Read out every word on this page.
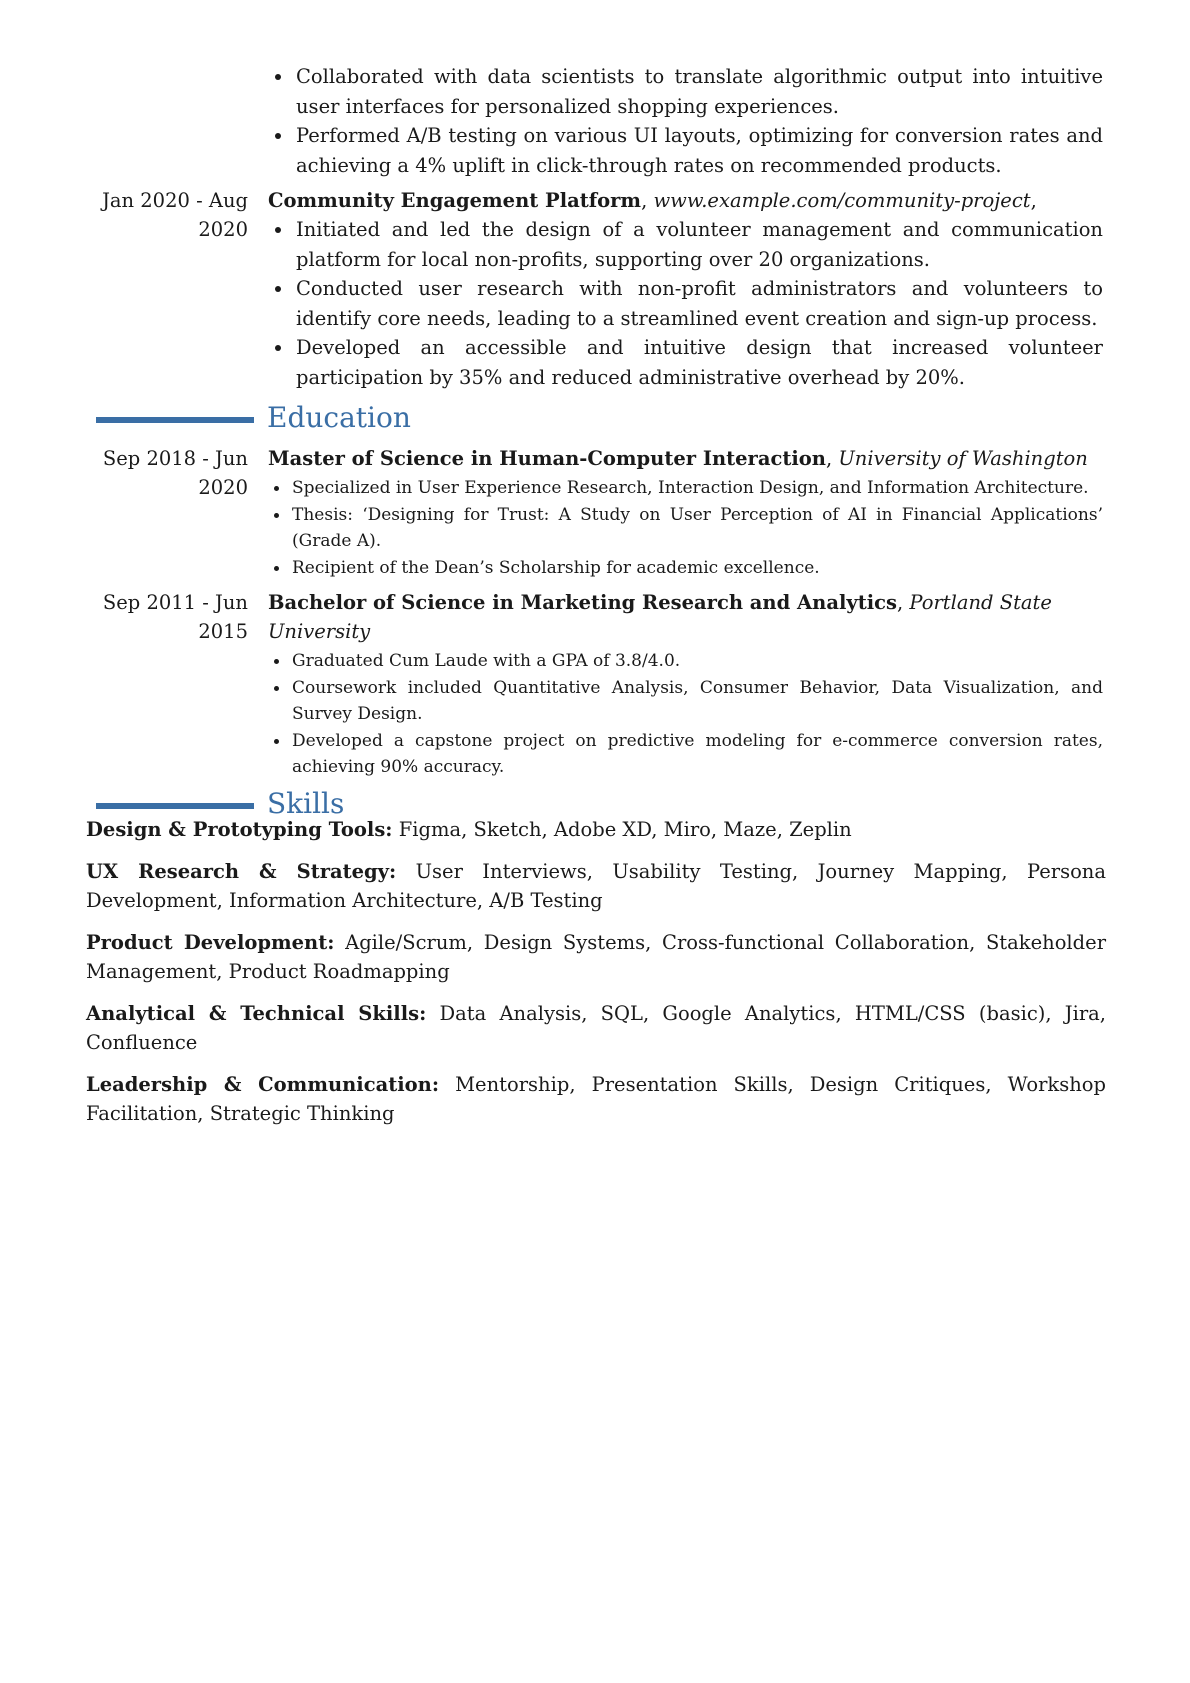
Collaborated with data scientists to translate algorithmic output into intuitive user interfaces for personalized shopping experiences.
Performed A/B testing on various UI layouts, optimizing for conversion rates and achieving a 4% uplift in click-through rates on recommended products.
Jan 2020 - Aug 2020

Community Engagement Platform, www.example.com/community-project,

Initiated and led the design of a volunteer management and communication platform for local non-profits, supporting over 20 organizations.
Conducted user research with non-profit administrators and volunteers to identify core needs, leading to a streamlined event creation and sign-up process.
Developed an accessible and intuitive design that increased volunteer participation by 35% and reduced administrative overhead by 20%.
Education
Sep 2018 - Jun 2020

Master of Science in Human-Computer Interaction, University of Washington

Specialized in User Experience Research, Interaction Design, and Information Architecture.
Thesis: ‘Designing for Trust: A Study on User Perception of AI in Financial Applications’ (Grade A).
Recipient of the Dean’s Scholarship for academic excellence.
Sep 2011 - Jun 2015

Bachelor of Science in Marketing Research and Analytics, Portland State University

Graduated Cum Laude with a GPA of 3.8/4.0.
Coursework included Quantitative Analysis, Consumer Behavior, Data Visualization, and Survey Design.
Developed a capstone project on predictive modeling for e-commerce conversion rates, achieving 90% accuracy.
Skills

Design & Prototyping Tools: Figma, Sketch, Adobe XD, Miro, Maze, Zeplin

UX Research & Strategy: User Interviews, Usability Testing, Journey Mapping, Persona Development, Information Architecture, A/B Testing

Product Development: Agile/Scrum, Design Systems, Cross-functional Collaboration, Stakeholder Management, Product Roadmapping

Analytical & Technical Skills: Data Analysis, SQL, Google Analytics, HTML/CSS (basic), Jira, Confluence

Leadership & Communication: Mentorship, Presentation Skills, Design Critiques, Workshop Facilitation, Strategic Thinking
